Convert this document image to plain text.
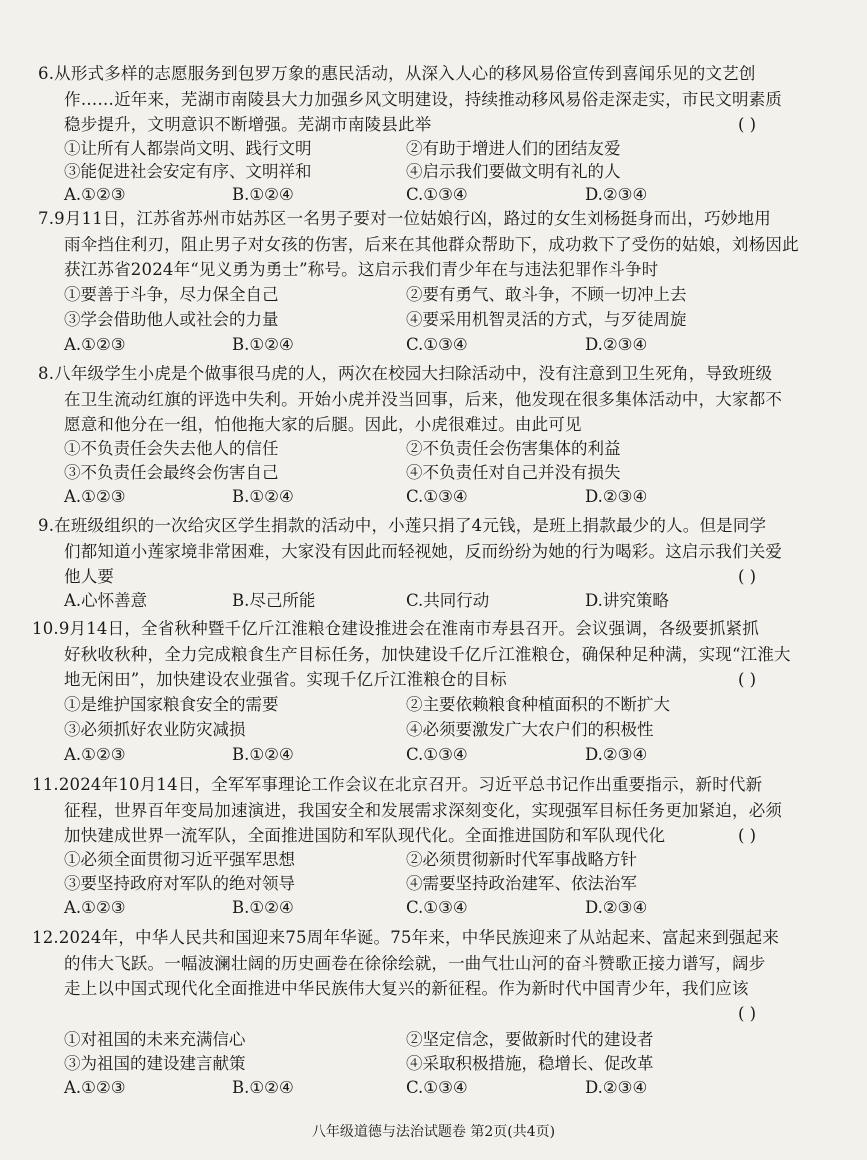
6.从形式多样的志愿服务到包罗万象的惠民活动，从深入人心的移风易俗宣传到喜闻乐见的文艺创
作……近年来，芜湖市南陵县大力加强乡风文明建设，持续推动移风易俗走深走实，市民文明素质
稳步提升，文明意识不断增强。芜湖市南陵县此举	( )
①让所有人都崇尚文明、践行文明	②有助于增进人们的团结友爱
③能促进社会安定有序、文明祥和	④启示我们要做文明有礼的人
A.①②③	B.①②④	C.①③④	D.②③④
7.9月11日，江苏省苏州市姑苏区一名男子要对一位姑娘行凶，路过的女生刘杨挺身而出，巧妙地用
雨伞挡住利刃，阻止男子对女孩的伤害，后来在其他群众帮助下，成功救下了受伤的姑娘，刘杨因此
获江苏省2024年“见义勇为勇士”称号。这启示我们青少年在与违法犯罪作斗争时
①要善于斗争，尽力保全自己	②要有勇气、敢斗争，不顾一切冲上去
③学会借助他人或社会的力量	④要采用机智灵活的方式，与歹徒周旋
A.①②③	B.①②④	C.①③④	D.②③④
8.八年级学生小虎是个做事很马虎的人，两次在校园大扫除活动中，没有注意到卫生死角，导致班级
在卫生流动红旗的评选中失利。开始小虎并没当回事，后来，他发现在很多集体活动中，大家都不
愿意和他分在一组，怕他拖大家的后腿。因此，小虎很难过。由此可见
①不负责任会失去他人的信任	②不负责任会伤害集体的利益
③不负责任会最终会伤害自己	④不负责任对自己并没有损失
A.①②③	B.①②④	C.①③④	D.②③④
9.在班级组织的一次给灾区学生捐款的活动中，小莲只捐了4元钱，是班上捐款最少的人。但是同学
们都知道小莲家境非常困难，大家没有因此而轻视她，反而纷纷为她的行为喝彩。这启示我们关爱
他人要	( )
A.心怀善意	B.尽己所能	C.共同行动	D.讲究策略
10.9月14日，全省秋种暨千亿斤江淮粮仓建设推进会在淮南市寿县召开。会议强调，各级要抓紧抓
好秋收秋种，全力完成粮食生产目标任务，加快建设千亿斤江淮粮仓，确保种足种满，实现“江淮大
地无闲田”，加快建设农业强省。实现千亿斤江淮粮仓的目标	( )
①是维护国家粮食安全的需要	②主要依赖粮食种植面积的不断扩大
③必须抓好农业防灾减损	④必须要激发广大农户们的积极性
A.①②③	B.①②④	C.①③④	D.②③④
11.2024年10月14日，全军军事理论工作会议在北京召开。习近平总书记作出重要指示，新时代新
征程，世界百年变局加速演进，我国安全和发展需求深刻变化，实现强军目标任务更加紧迫，必须
加快建成世界一流军队，全面推进国防和军队现代化。全面推进国防和军队现代化	( )
①必须全面贯彻习近平强军思想	②必须贯彻新时代军事战略方针
③要坚持政府对军队的绝对领导	④需要坚持政治建军、依法治军
A.①②③	B.①②④	C.①③④	D.②③④
12.2024年，中华人民共和国迎来75周年华诞。75年来，中华民族迎来了从站起来、富起来到强起来
的伟大飞跃。一幅波澜壮阔的历史画卷在徐徐绘就，一曲气壮山河的奋斗赞歌正接力谱写，阔步
走上以中国式现代化全面推进中华民族伟大复兴的新征程。作为新时代中国青少年，我们应该
( )
①对祖国的未来充满信心	②坚定信念，要做新时代的建设者
③为祖国的建设建言献策	④采取积极措施，稳增长、促改革
A.①②③	B.①②④	C.①③④	D.②③④
八年级道德与法治试题卷 第2页(共4页)
